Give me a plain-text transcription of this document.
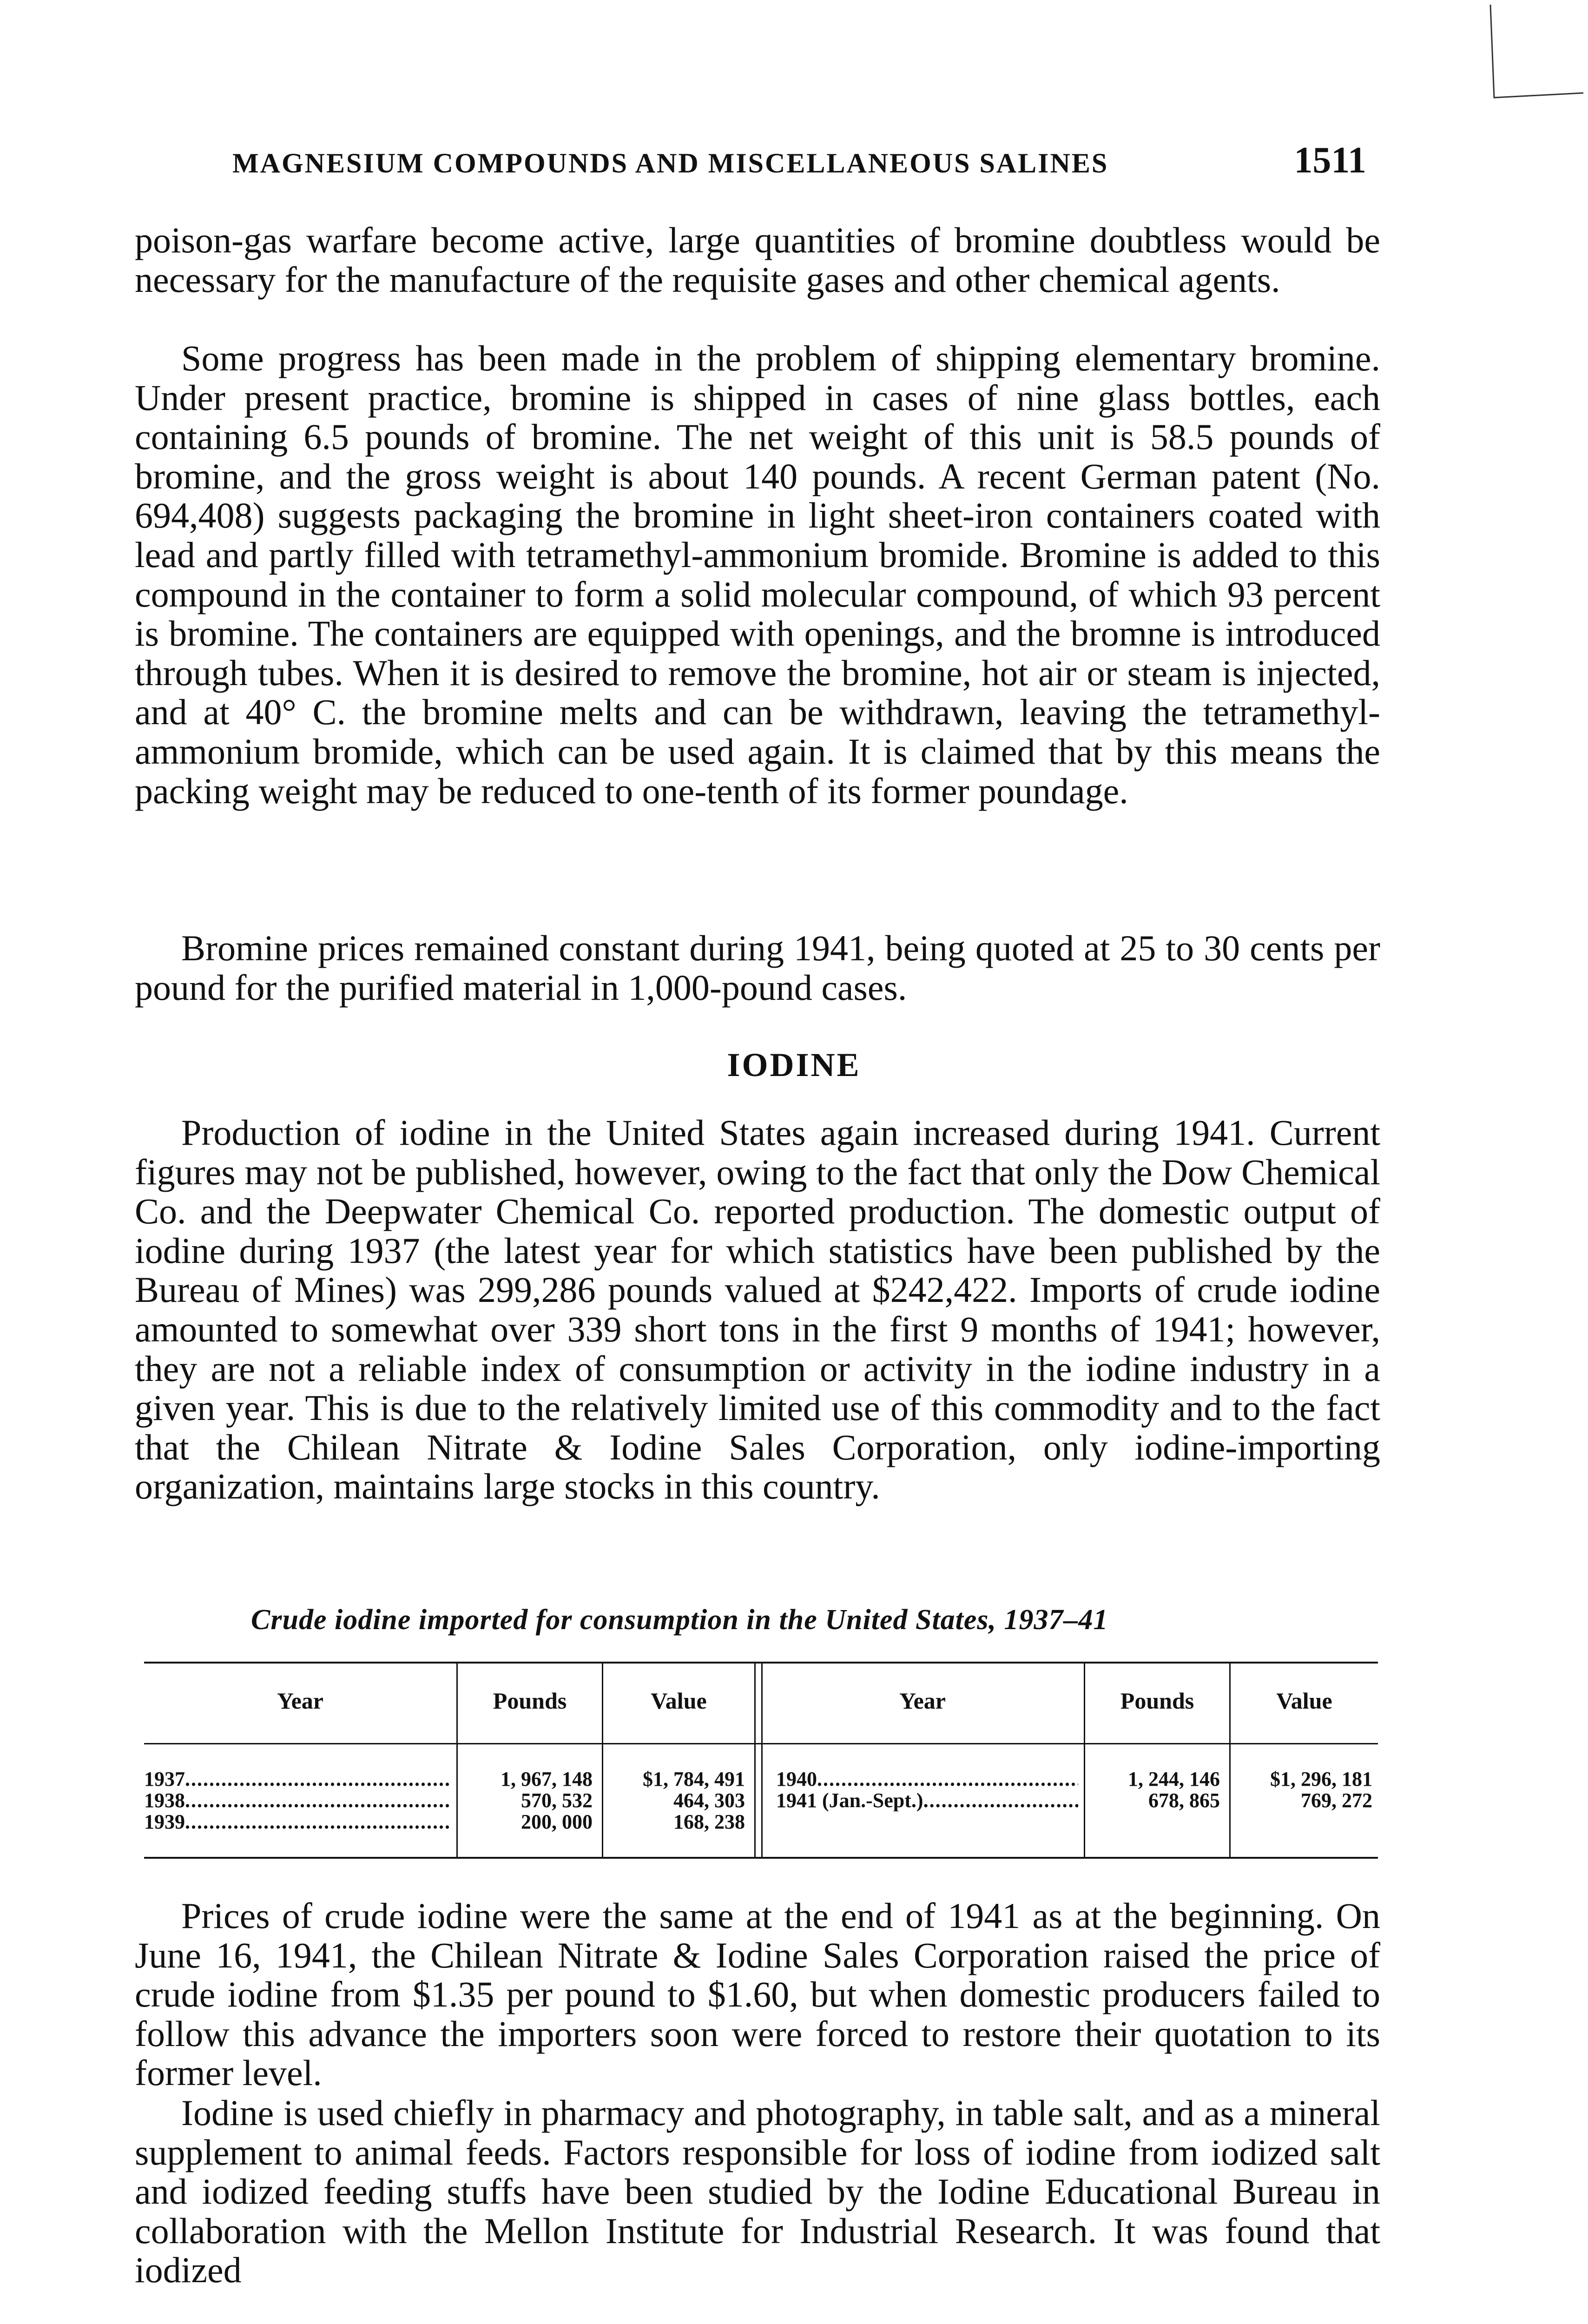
MAGNESIUM COMPOUNDS AND MISCELLANEOUS SALINES	1511

poison-gas warfare become active, large quantities of bromine doubtless would be necessary for the manufacture of the requisite gases and other chemical agents.

Some progress has been made in the problem of shipping elementary bromine. Under present practice, bromine is shipped in cases of nine glass bottles, each containing 6.5 pounds of bromine. The net weight of this unit is 58.5 pounds of bromine, and the gross weight is about 140 pounds. A recent German patent (No. 694,408) suggests packaging the bromine in light sheet-iron containers coated with lead and partly filled with tetramethyl-ammonium bromide. Bromine is added to this compound in the container to form a solid molecular compound, of which 93 percent is bromine. The containers are equipped with openings, and the bromne is introduced through tubes. When it is desired to remove the bromine, hot air or steam is injected, and at 40° C. the bromine melts and can be withdrawn, leaving the tetramethyl-ammonium bromide, which can be used again. It is claimed that by this means the packing weight may be reduced to one-tenth of its former poundage.

Bromine prices remained constant during 1941, being quoted at 25 to 30 cents per pound for the purified material in 1,000-pound cases.

IODINE

Production of iodine in the United States again increased during 1941. Current figures may not be published, however, owing to the fact that only the Dow Chemical Co. and the Deepwater Chemical Co. reported production. The domestic output of iodine during 1937 (the latest year for which statistics have been published by the Bureau of Mines) was 299,286 pounds valued at $242,422. Imports of crude iodine amounted to somewhat over 339 short tons in the first 9 months of 1941; however, they are not a reliable index of consumption or activity in the iodine industry in a given year. This is due to the relatively limited use of this commodity and to the fact that the Chilean Nitrate & Iodine Sales Corporation, only iodine-importing organization, maintains large stocks in this country.

Crude iodine imported for consumption in the United States, 1937–41

Year	Pounds	Value	Year	Pounds	Value
1937 .....	1, 967, 148	$1, 784, 491
1938 .....	570, 532	464, 303
1939 .....	200, 000	168, 238
1940 .....	1, 244, 146	$1, 296, 181
1941 (Jan.-Sept.) .....	678, 865	769, 272

Prices of crude iodine were the same at the end of 1941 as at the beginning. On June 16, 1941, the Chilean Nitrate & Iodine Sales Corporation raised the price of crude iodine from $1.35 per pound to $1.60, but when domestic producers failed to follow this advance the importers soon were forced to restore their quotation to its former level.

Iodine is used chiefly in pharmacy and photography, in table salt, and as a mineral supplement to animal feeds. Factors responsible for loss of iodine from iodized salt and iodized feeding stuffs have been studied by the Iodine Educational Bureau in collaboration with the Mellon Institute for Industrial Research. It was found that iodized
